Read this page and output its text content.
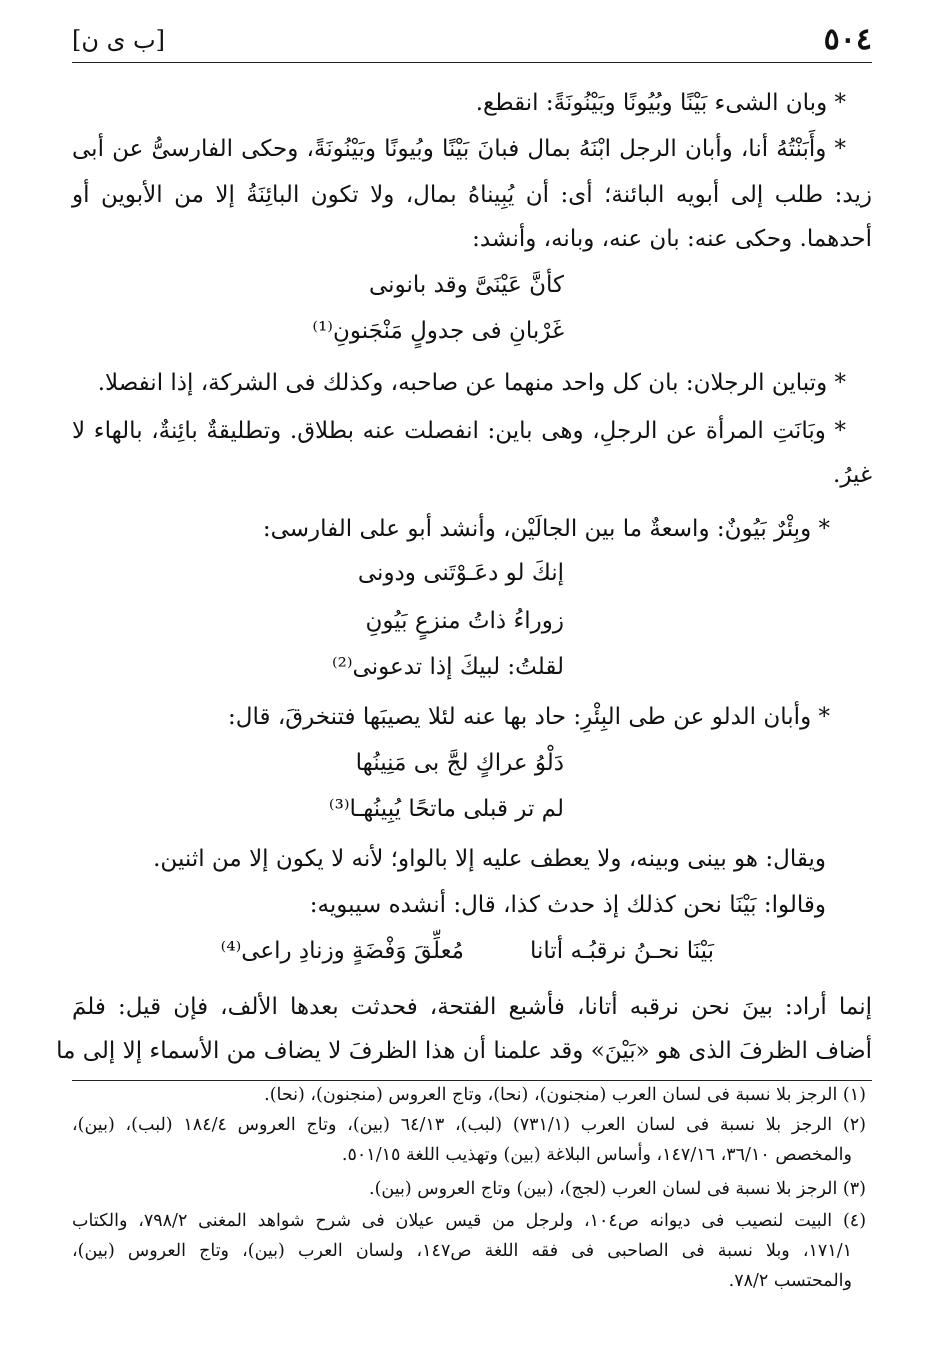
٥٠٤
[ب ى ن]
* وبان الشىء بَيْنًا وبُيُونًا وبَيْنُونَةً: انقطع.
* وأَبَنْتُهُ أنا، وأبان الرجل ابْنَهُ بمال فبانَ بَيْنًا وبُيونًا وبَيْنُونَةً، وحكى الفارسىُّ عن أبى
زيد: طلب إلى أبويه البائنة؛ أى: أن يُبِيناهُ بمال، ولا تكون البائِنَةُ إلا من الأبوين أو
أحدهما. وحكى عنه: بان عنه، وبانه، وأنشد:
كأنَّ عَيْنَىَّ وقد بانونى
غَرْبانِ فى جدولٍ مَنْجَنونِ⁽¹⁾
* وتباين الرجلان: بان كل واحد منهما عن صاحبه، وكذلك فى الشركة، إذا انفصلا.
* وبَانَتِ المرأة عن الرجلِ، وهى باين: انفصلت عنه بطلاق. وتطليقةٌ بائِنةٌ، بالهاء لا
غيرُ.
* وبِئْرٌ بَيُونٌ: واسعةٌ ما بين الجالَيْن، وأنشد أبو على الفارسى:
إنكَ لو دعَـوْتَنى ودونى
زوراءُ ذاتُ منزعٍ بَيُونِ
لقلتُ: لبيكَ إذا تدعونى⁽²⁾
* وأبان الدلو عن طى البِئْرِ: حاد بها عنه لئلا يصيبَها فتنخرقَ، قال:
دَلْوُ عراكٍ لجَّ بى مَنِينُها
لم تر قبلى ماتحًا يُبِينُهـا⁽³⁾
ويقال: هو بينى وبينه، ولا يعطف عليه إلا بالواو؛ لأنه لا يكون إلا من اثنين.
وقالوا: بَيْنَا نحن كذلك إذ حدث كذا، قال: أنشده سيبويه:
بَيْنَا نحـنُ نرقبُـه أتانا
مُعلِّقَ وَفْضَةٍ وزنادِ راعى⁽⁴⁾
إنما أراد: بينَ نحن نرقبه أتانا، فأشبع الفتحة، فحدثت بعدها الألف، فإن قيل: فلمَ
أضاف الظرفَ الذى هو «بَيْنَ» وقد علمنا أن هذا الظرفَ لا يضاف من الأسماء إلا إلى ما
(١) الرجز بلا نسبة فى لسان العرب (منجنون)، (نحا)، وتاج العروس (منجنون)، (نحا).
(٢) الرجز بلا نسبة فى لسان العرب (٧٣١/١) (لبب)، ٦٤/١٣ (بين)، وتاج العروس ١٨٤/٤ (لبب)، (بين)،
والمخصص ٣٦/١٠، ١٤٧/١٦، وأساس البلاغة (بين) وتهذيب اللغة ٥٠١/١٥.
(٣) الرجز بلا نسبة فى لسان العرب (لجج)، (بين) وتاج العروس (بين).
(٤) البيت لنصيب فى ديوانه ص١٠٤، ولرجل من قيس عيلان فى شرح شواهد المغنى ٧٩٨/٢، والكتاب
١٧١/١، وبلا نسبة فى الصاحبى فى فقه اللغة ص١٤٧، ولسان العرب (بين)، وتاج العروس (بين)،
والمحتسب ٧٨/٢.
